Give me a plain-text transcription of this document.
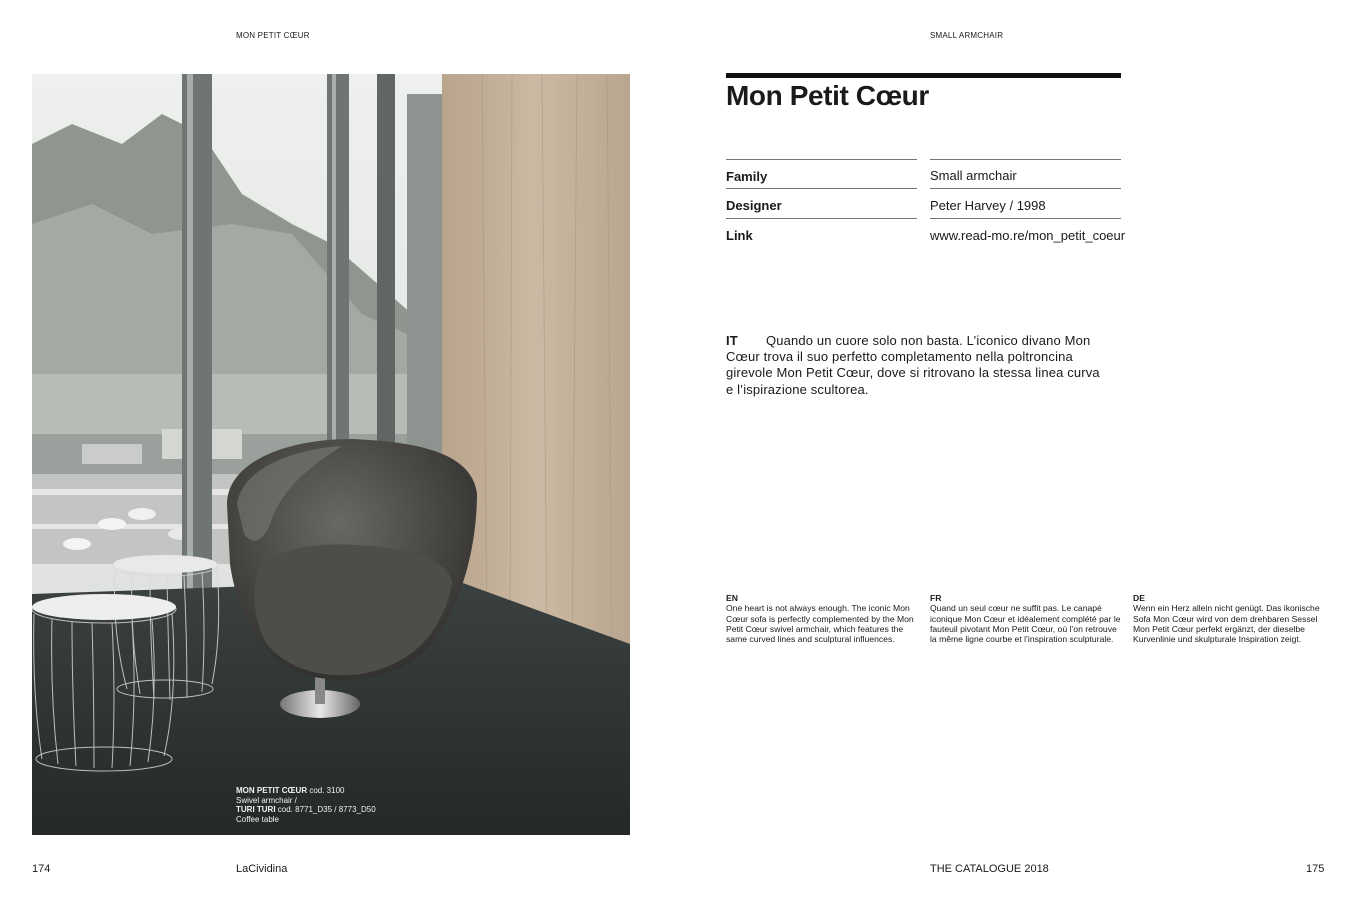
MON PETIT CŒUR	SMALL ARMCHAIR
MON PETIT CŒUR cod. 3100
Swivel armchair /
TURI TURI cod. 8771_D35 / 8773_D50
Coffee table
Mon Petit Cœur
Family	Small armchair
Designer	Peter Harvey / 1998
Link	www.read-mo.re/mon_petit_coeur
IT Quando un cuore solo non basta. L’iconico divano Mon Cœur trova il suo perfetto completamento nella poltroncina girevole Mon Petit Cœur, dove si ritrovano la stessa linea curva e l’ispirazione scultorea.
EN
One heart is not always enough. The iconic Mon Cœur sofa is perfectly complemented by the Mon Petit Cœur swivel armchair, which features the same curved lines and sculptural influences.
FR
Quand un seul cœur ne suffit pas. Le canapé iconique Mon Cœur et idéalement complété par le fauteuil pivotant Mon Petit Cœur, où l’on retrouve la même ligne courbe et l’inspiration sculpturale.
DE
Wenn ein Herz allein nicht genügt. Das ikonische Sofa Mon Cœur wird von dem drehbaren Sessel Mon Petit Cœur perfekt ergänzt, der dieselbe Kurvenlinie und skulpturale Inspiration zeigt.
174	LaCividina	THE CATALOGUE 2018	175
